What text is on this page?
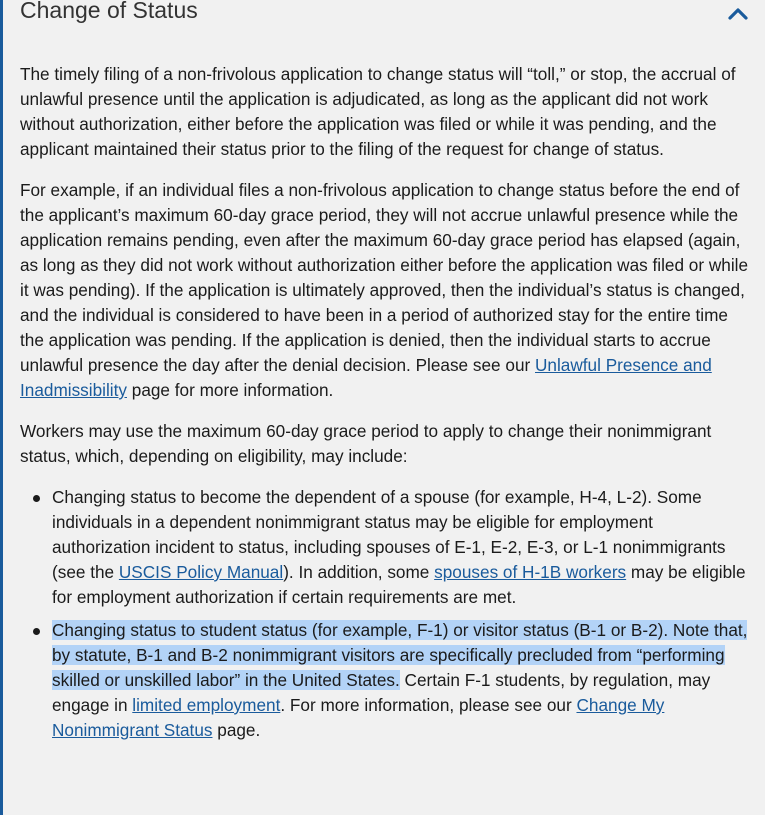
Change of Status

The timely filing of a non-frivolous application to change status will “toll,” or stop, the accrual of unlawful presence until the application is adjudicated, as long as the applicant did not work without authorization, either before the application was filed or while it was pending, and the applicant maintained their status prior to the filing of the request for change of status.

For example, if an individual files a non-frivolous application to change status before the end of the applicant’s maximum 60-day grace period, they will not accrue unlawful presence while the application remains pending, even after the maximum 60-day grace period has elapsed (again, as long as they did not work without authorization either before the application was filed or while it was pending). If the application is ultimately approved, then the individual’s status is changed, and the individual is considered to have been in a period of authorized stay for the entire time the application was pending. If the application is denied, then the individual starts to accrue unlawful presence the day after the denial decision. Please see our Unlawful Presence and Inadmissibility page for more information.

Workers may use the maximum 60-day grace period to apply to change their nonimmigrant status, which, depending on eligibility, may include:

Changing status to become the dependent of a spouse (for example, H-4, L-2). Some individuals in a dependent nonimmigrant status may be eligible for employment authorization incident to status, including spouses of E-1, E-2, E-3, or L-1 nonimmigrants (see the USCIS Policy Manual). In addition, some spouses of H-1B workers may be eligible for employment authorization if certain requirements are met.
Changing status to student status (for example, F-1) or visitor status (B-1 or B-2). Note that, by statute, B-1 and B-2 nonimmigrant visitors are specifically precluded from “performing skilled or unskilled labor” in the United States. Certain F-1 students, by regulation, may engage in limited employment. For more information, please see our Change My Nonimmigrant Status page.
